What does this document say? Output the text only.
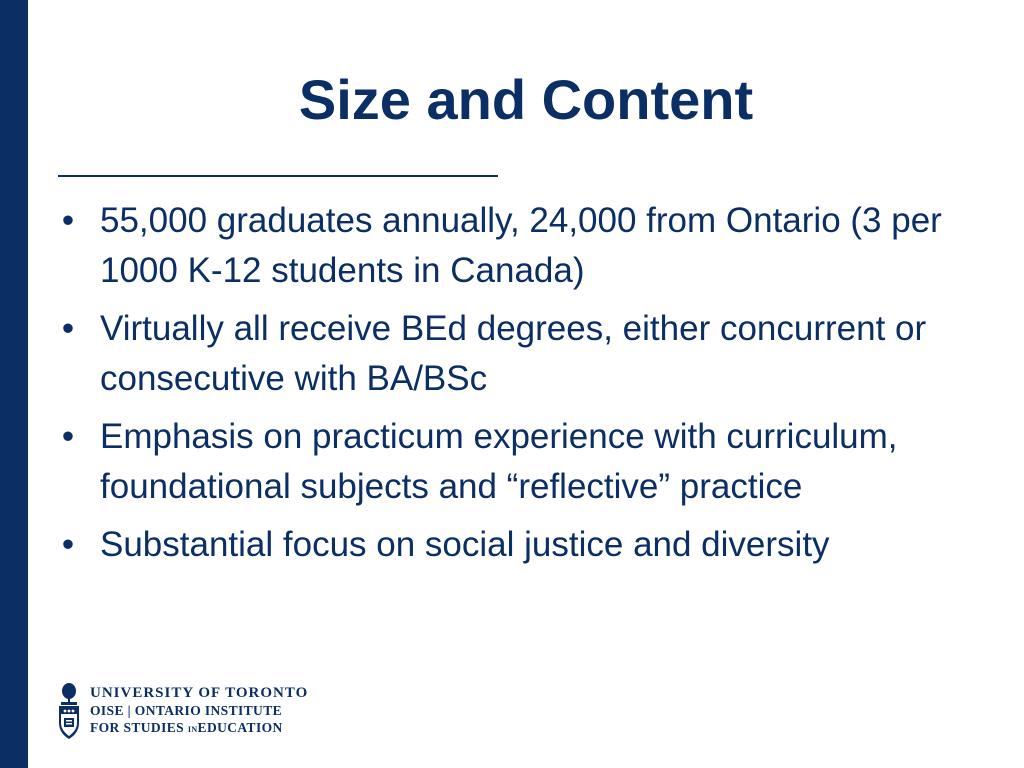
Size and Content
• 55,000 graduates annually, 24,000 from Ontario (3 per 1000 K-12 students in Canada)
• Virtually all receive BEd degrees, either concurrent or consecutive with BA/BSc
• Emphasis on practicum experience with curriculum, foundational subjects and “reflective” practice
• Substantial focus on social justice and diversity
UNIVERSITY OF TORONTO
OISE | ONTARIO INSTITUTE
FOR STUDIES INEDUCATION
